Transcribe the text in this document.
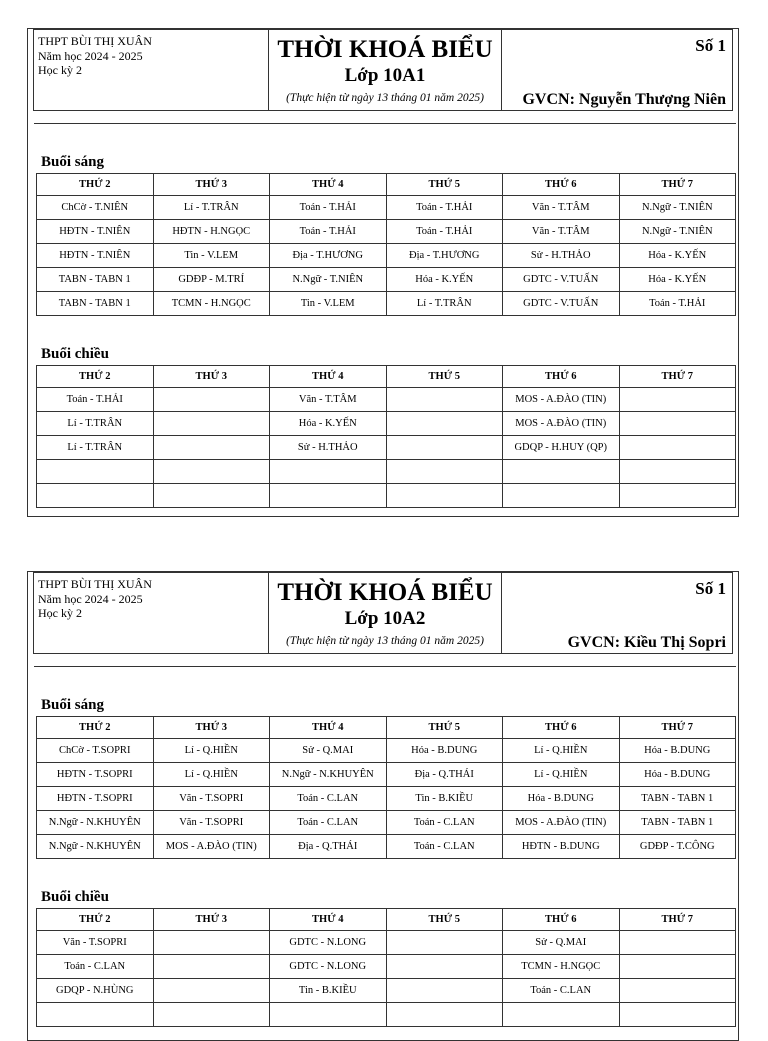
THPT BÙI THỊ XUÂN
Năm học 2024 - 2025
Học kỳ 2
THỜI KHOÁ BIỂU
Lớp 10A1
(Thực hiện từ ngày 13 tháng 01 năm 2025)
Số 1
GVCN: Nguyễn Thượng Niên
Buổi sáng
THỨ 2	THỨ 3	THỨ 4	THỨ 5	THỨ 6	THỨ 7
ChCờ - T.NIÊN	Lí - T.TRÂN	Toán - T.HẢI	Toán - T.HẢI	Văn - T.TÂM	N.Ngữ - T.NIÊN
HĐTN - T.NIÊN	HĐTN - H.NGỌC	Toán - T.HẢI	Toán - T.HẢI	Văn - T.TÂM	N.Ngữ - T.NIÊN
HĐTN - T.NIÊN	Tin - V.LEM	Địa - T.HƯƠNG	Địa - T.HƯƠNG	Sử - H.THẢO	Hóa - K.YẾN
TABN - TABN 1	GDĐP - M.TRÍ	N.Ngữ - T.NIÊN	Hóa - K.YẾN	GDTC - V.TUẤN	Hóa - K.YẾN
TABN - TABN 1	TCMN - H.NGỌC	Tin - V.LEM	Lí - T.TRÂN	GDTC - V.TUẤN	Toán - T.HẢI
Buổi chiều
THỨ 2	THỨ 3	THỨ 4	THỨ 5	THỨ 6	THỨ 7
Toán - T.HẢI		Văn - T.TÂM		MOS - A.ĐÀO (TIN)	
Lí - T.TRÂN		Hóa - K.YẾN		MOS - A.ĐÀO (TIN)	
Lí - T.TRÂN		Sử - H.THẢO		GDQP - H.HUY (QP)	

THPT BÙI THỊ XUÂN
Năm học 2024 - 2025
Học kỳ 2
THỜI KHOÁ BIỂU
Lớp 10A2
(Thực hiện từ ngày 13 tháng 01 năm 2025)
Số 1
GVCN: Kiều Thị Sopri
Buổi sáng
THỨ 2	THỨ 3	THỨ 4	THỨ 5	THỨ 6	THỨ 7
ChCờ - T.SOPRI	Lí - Q.HIỀN	Sử - Q.MAI	Hóa - B.DUNG	Lí - Q.HIỀN	Hóa - B.DUNG
HĐTN - T.SOPRI	Lí - Q.HIỀN	N.Ngữ - N.KHUYÊN	Địa - Q.THÁI	Lí - Q.HIỀN	Hóa - B.DUNG
HĐTN - T.SOPRI	Văn - T.SOPRI	Toán - C.LAN	Tin - B.KIỀU	Hóa - B.DUNG	TABN - TABN 1
N.Ngữ - N.KHUYÊN	Văn - T.SOPRI	Toán - C.LAN	Toán - C.LAN	MOS - A.ĐÀO (TIN)	TABN - TABN 1
N.Ngữ - N.KHUYÊN	MOS - A.ĐÀO (TIN)	Địa - Q.THÁI	Toán - C.LAN	HĐTN - B.DUNG	GDĐP - T.CÔNG
Buổi chiều
THỨ 2	THỨ 3	THỨ 4	THỨ 5	THỨ 6	THỨ 7
Văn - T.SOPRI		GDTC - N.LONG		Sử - Q.MAI	
Toán - C.LAN		GDTC - N.LONG		TCMN - H.NGỌC	
GDQP - N.HÙNG		Tin - B.KIỀU		Toán - C.LAN	
